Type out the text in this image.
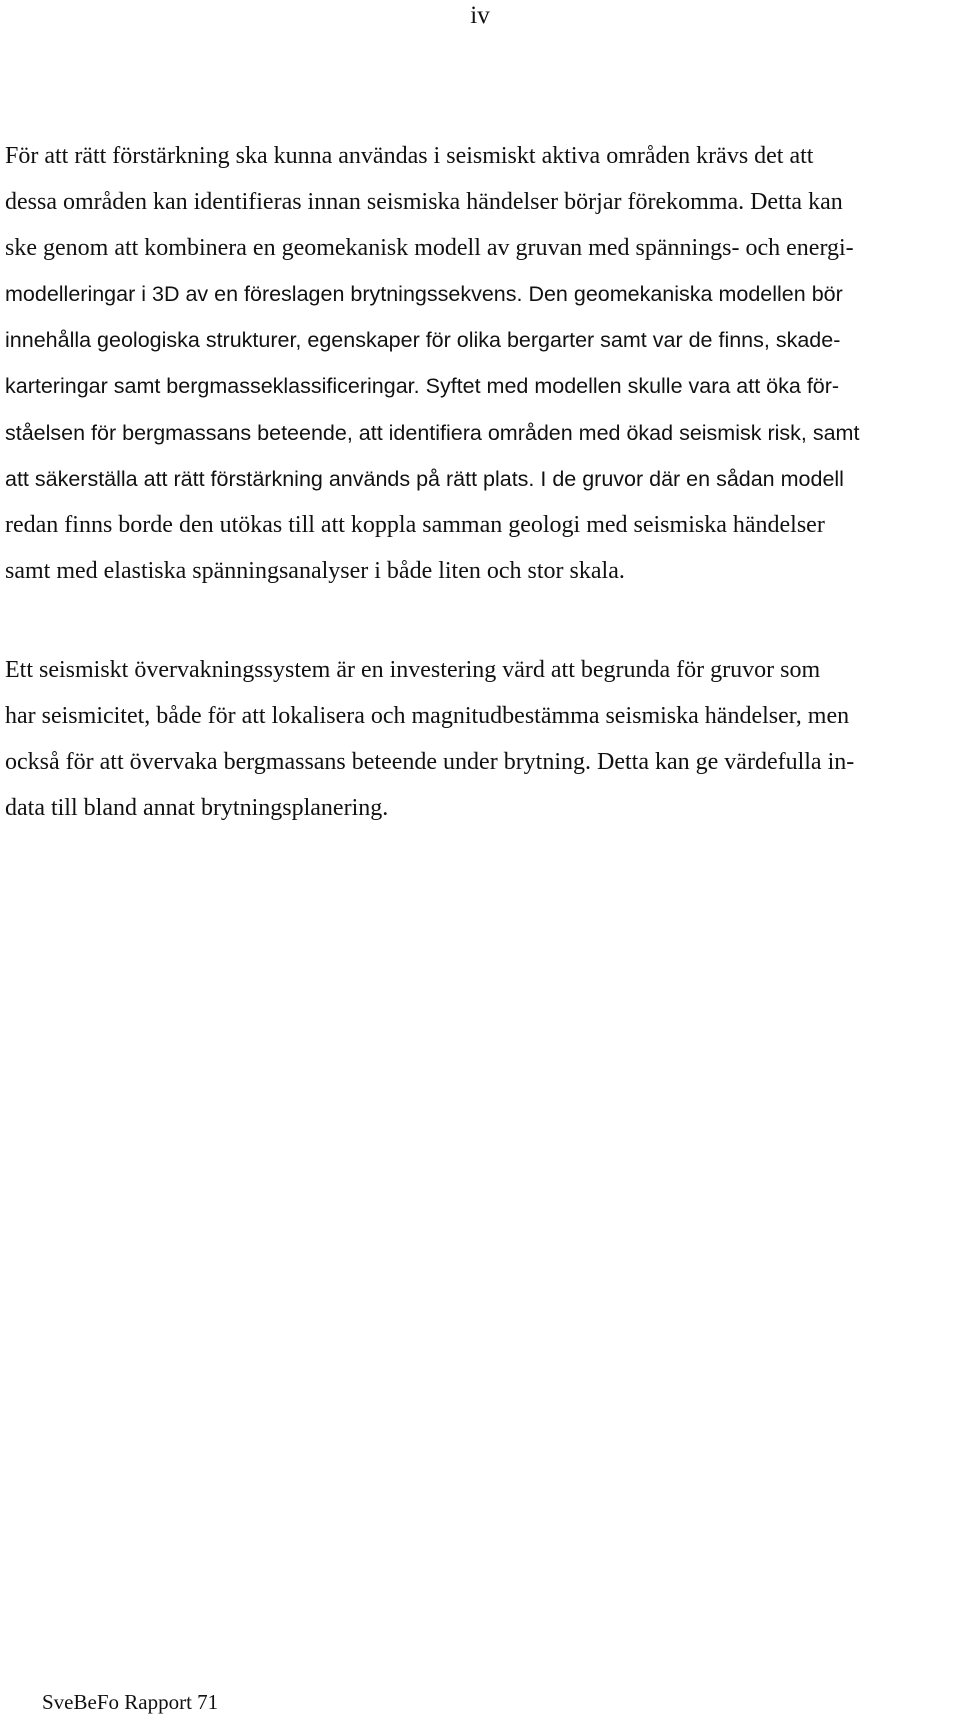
iv
För att rätt förstärkning ska kunna användas i seismiskt aktiva områden krävs det att
dessa områden kan identifieras innan seismiska händelser börjar förekomma. Detta kan
ske genom att kombinera en geomekanisk modell av gruvan med spännings- och energi-
modelleringar i 3D av en föreslagen brytningssekvens. Den geomekaniska modellen bör
innehålla geologiska strukturer, egenskaper för olika bergarter samt var de finns, skade-
karteringar samt bergmasseklassificeringar. Syftet med modellen skulle vara att öka för-
ståelsen för bergmassans beteende, att identifiera områden med ökad seismisk risk, samt
att säkerställa att rätt förstärkning används på rätt plats. I de gruvor där en sådan modell
redan finns borde den utökas till att koppla samman geologi med seismiska händelser
samt med elastiska spänningsanalyser i både liten och stor skala.
Ett seismiskt övervakningssystem är en investering värd att begrunda för gruvor som
har seismicitet, både för att lokalisera och magnitudbestämma seismiska händelser, men
också för att övervaka bergmassans beteende under brytning. Detta kan ge värdefulla in-
data till bland annat brytningsplanering.
SveBeFo Rapport 71
